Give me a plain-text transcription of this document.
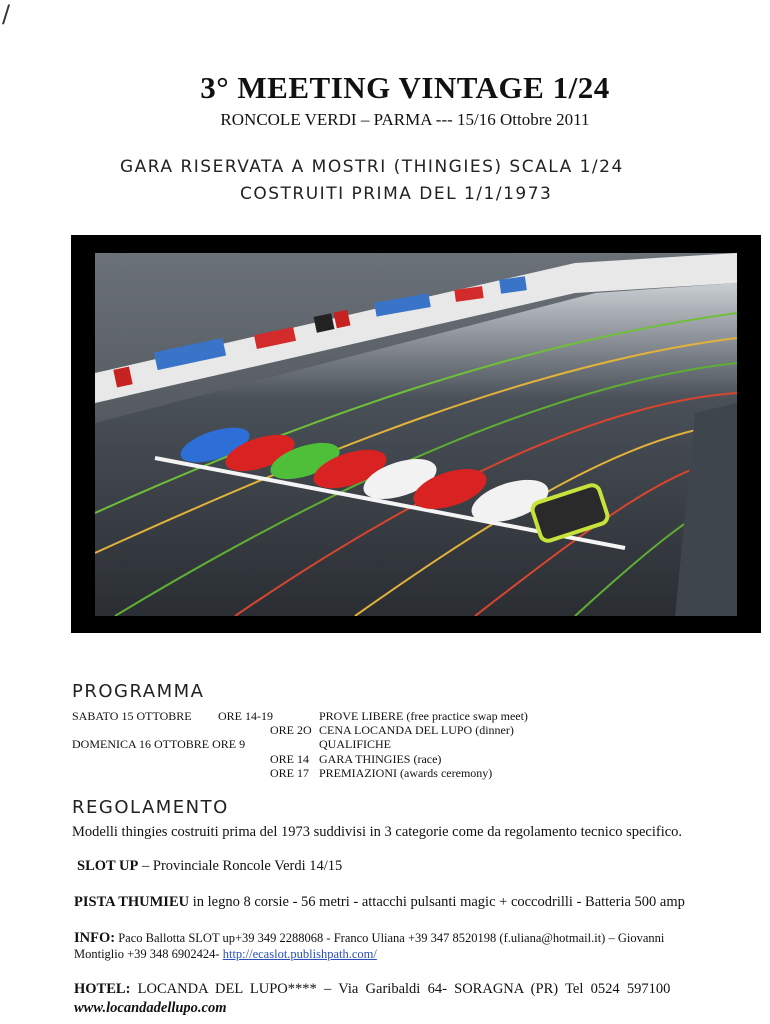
/
3° MEETING VINTAGE 1/24
RONCOLE VERDI – PARMA --- 15/16 Ottobre 2011
GARA RISERVATA A MOSTRI (THINGIES) SCALA 1/24
COSTRUITI PRIMA DEL 1/1/1973
PROGRAMMA
SABATO 15 OTTOBRE ORE 14-19	PROVE LIBERE (free practice swap meet)
ORE 2O CENA LOCANDA DEL LUPO (dinner)
DOMENICA 16 OTTOBRE ORE 9	QUALIFICHE
ORE 14 GARA THINGIES (race)
ORE 17 PREMIAZIONI (awards ceremony)
REGOLAMENTO
Modelli thingies costruiti prima del 1973 suddivisi in 3 categorie come da regolamento tecnico specifico.
SLOT UP – Provinciale Roncole Verdi 14/15
PISTA THUMIEU in legno 8 corsie - 56 metri - attacchi pulsanti magic + coccodrilli - Batteria 500 amp
INFO: Paco Ballotta SLOT up+39 349 2288068 - Franco Uliana +39 347 8520198 (f.uliana@hotmail.it) – Giovanni
Montiglio +39 348 6902424- http://ecaslot.publishpath.com/
HOTEL: LOCANDA  DEL  LUPO****  –  Via  Garibaldi  64-  SORAGNA  (PR)  Tel  0524  597100
www.locandadellupo.com
